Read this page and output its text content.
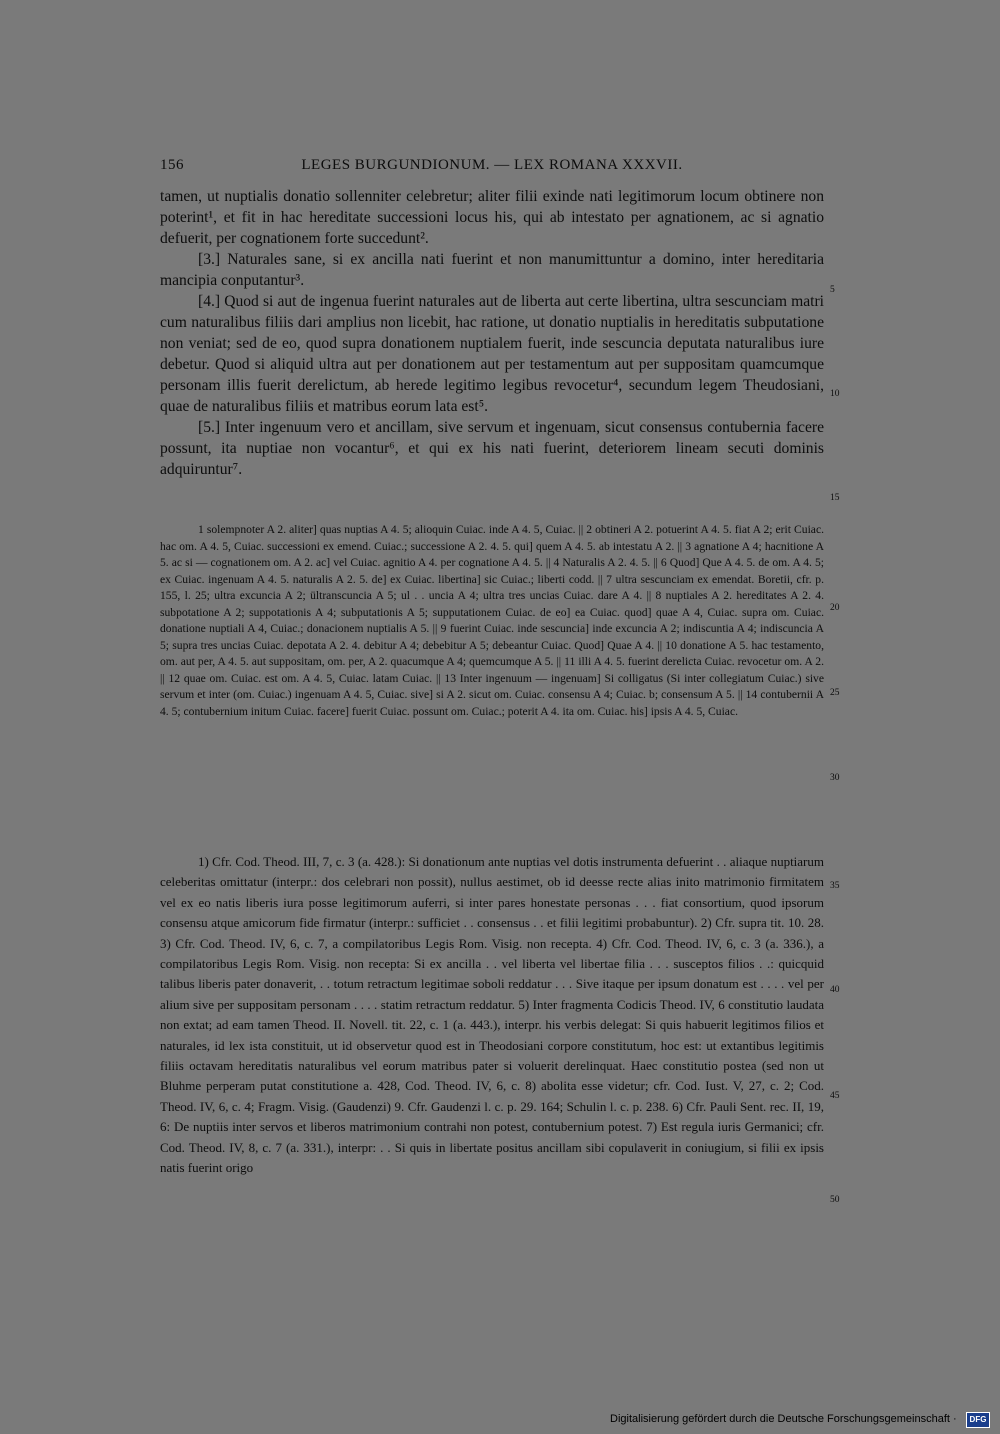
156	LEGES BURGUNDIONUM. — LEX ROMANA XXXVII.

tamen, ut nuptialis donatio sollenniter celebretur; aliter filii exinde nati legitimorum locum obtinere non poterint¹, et fit in hac hereditate successioni locus his, qui ab intestato per agnationem, ac si agnatio defuerit, per cognationem forte succedunt².

[3.] Naturales sane, si ex ancilla nati fuerint et non manumittuntur a domino, inter hereditaria mancipia conputantur³.

[4.] Quod si aut de ingenua fuerint naturales aut de liberta aut certe libertina, ultra sescunciam matri cum naturalibus filiis dari amplius non licebit, hac ratione, ut donatio nuptialis in hereditatis subputatione non veniat; sed de eo, quod supra donationem nuptialem fuerit, inde sescuncia deputata naturalibus iure debetur. Quod si aliquid ultra aut per donationem aut per testamentum aut per suppositam quamcumque personam illis fuerit derelictum, ab herede legitimo legibus revocetur⁴, secundum legem Theudosiani, quae de naturalibus filiis et matribus eorum lata est⁵.

[5.] Inter ingenuum vero et ancillam, sive servum et ingenuam, sicut consensus contubernia facere possunt, ita nuptiae non vocantur⁶, et qui ex his nati fuerint, deteriorem lineam secuti dominis adquiruntur⁷.

1 solempnoter A 2. aliter] quas nuptias A 4. 5; alioquin Cuiac. inde A 4. 5, Cuiac. || 2 obtineri A 2. potuerint A 4. 5. fiat A 2; erit Cuiac. hac om. A 4. 5, Cuiac. successioni ex emend. Cuiac.; successione A 2. 4. 5. qui] quem A 4. 5. ab intestatu A 2. || 3 agnatione A 4; hacnitione A 5. ac si — cognationem om. A 2. ac] vel Cuiac. agnitio A 4. per cognatione A 4. 5. || 4 Naturalis A 2. 4. 5. || 6 Quod] Que A 4. 5. de om. A 4. 5; ex Cuiac. ingenuam A 4. 5. naturalis A 2. 5. de] ex Cuiac. libertina] sic Cuiac.; liberti codd. || 7 ultra sescunciam ex emendat. Boretii, cfr. p. 155, l. 25; ultra excuncia A 2; ültranscuncia A 5; ul . . uncia A 4; ultra tres uncias Cuiac. dare A 4. || 8 nuptiales A 2. hereditates A 2. 4. subpotatione A 2; suppotationis A 4; subputationis A 5; supputationem Cuiac. de eo] ea Cuiac. quod] quae A 4, Cuiac. supra om. Cuiac. donatione nuptiali A 4, Cuiac.; donacionem nuptialis A 5. || 9 fuerint Cuiac. inde sescuncia] inde excuncia A 2; indiscuntia A 4; indiscuncia A 5; supra tres uncias Cuiac. depotata A 2. 4. debitur A 4; debebitur A 5; debeantur Cuiac. Quod] Quae A 4. || 10 donatione A 5. hac testamento, om. aut per, A 4. 5. aut suppositam, om. per, A 2. quacumque A 4; quemcumque A 5. || 11 illi A 4. 5. fuerint derelicta Cuiac. revocetur om. A 2. || 12 quae om. Cuiac. est om. A 4. 5, Cuiac. latam Cuiac. || 13 Inter ingenuum — ingenuam] Si colligatus (Si inter collegiatum Cuiac.) sive servum et inter (om. Cuiac.) ingenuam A 4. 5, Cuiac. sive] si A 2. sicut om. Cuiac. consensu A 4; Cuiac. b; consensum A 5. || 14 contubernii A 4. 5; contubernium initum Cuiac. facere] fuerit Cuiac. possunt om. Cuiac.; poterit A 4. ita om. Cuiac. his] ipsis A 4. 5, Cuiac.

1) Cfr. Cod. Theod. III, 7, c. 3 (a. 428.): Si donationum ante nuptias vel dotis instrumenta defuerint . . aliaque nuptiarum celeberitas omittatur (interpr.: dos celebrari non possit), nullus aestimet, ob id deesse recte alias inito matrimonio firmitatem vel ex eo natis liberis iura posse legitimorum auferri, si inter pares honestate personas . . . fiat consortium, quod ipsorum consensu atque amicorum fide firmatur (interpr.: sufficiet . . consensus . . et filii legitimi probabuntur). 2) Cfr. supra tit. 10. 28. 3) Cfr. Cod. Theod. IV, 6, c. 7, a compilatoribus Legis Rom. Visig. non recepta. 4) Cfr. Cod. Theod. IV, 6, c. 3 (a. 336.), a compilatoribus Legis Rom. Visig. non recepta: Si ex ancilla . . vel liberta vel libertae filia . . . susceptos filios . .: quicquid talibus liberis pater donaverit, . . totum retractum legitimae soboli reddatur . . . Sive itaque per ipsum donatum est . . . . vel per alium sive per suppositam personam . . . . statim retractum reddatur. 5) Inter fragmenta Codicis Theod. IV, 6 constitutio laudata non extat; ad eam tamen Theod. II. Novell. tit. 22, c. 1 (a. 443.), interpr. his verbis delegat: Si quis habuerit legitimos filios et naturales, id lex ista constituit, ut id observetur quod est in Theodosiani corpore constitutum, hoc est: ut extantibus legitimis filiis octavam hereditatis naturalibus vel eorum matribus pater si voluerit derelinquat. Haec constitutio postea (sed non ut Bluhme perperam putat constitutione a. 428, Cod. Theod. IV, 6, c. 8) abolita esse videtur; cfr. Cod. Iust. V, 27, c. 2; Cod. Theod. IV, 6, c. 4; Fragm. Visig. (Gaudenzi) 9. Cfr. Gaudenzi l. c. p. 29. 164; Schulin l. c. p. 238. 6) Cfr. Pauli Sent. rec. II, 19, 6: De nuptiis inter servos et liberos matrimonium contrahi non potest, contubernium potest. 7) Est regula iuris Germanici; cfr. Cod. Theod. IV, 8, c. 7 (a. 331.), interpr: . . Si quis in libertate positus ancillam sibi copulaverit in coniugium, si filii ex ipsis natis fuerint origo

5
10
15
20
25
30
35
40
45
50
Digitalisierung gefördert durch die Deutsche Forschungsgemeinschaft ·	DFG
